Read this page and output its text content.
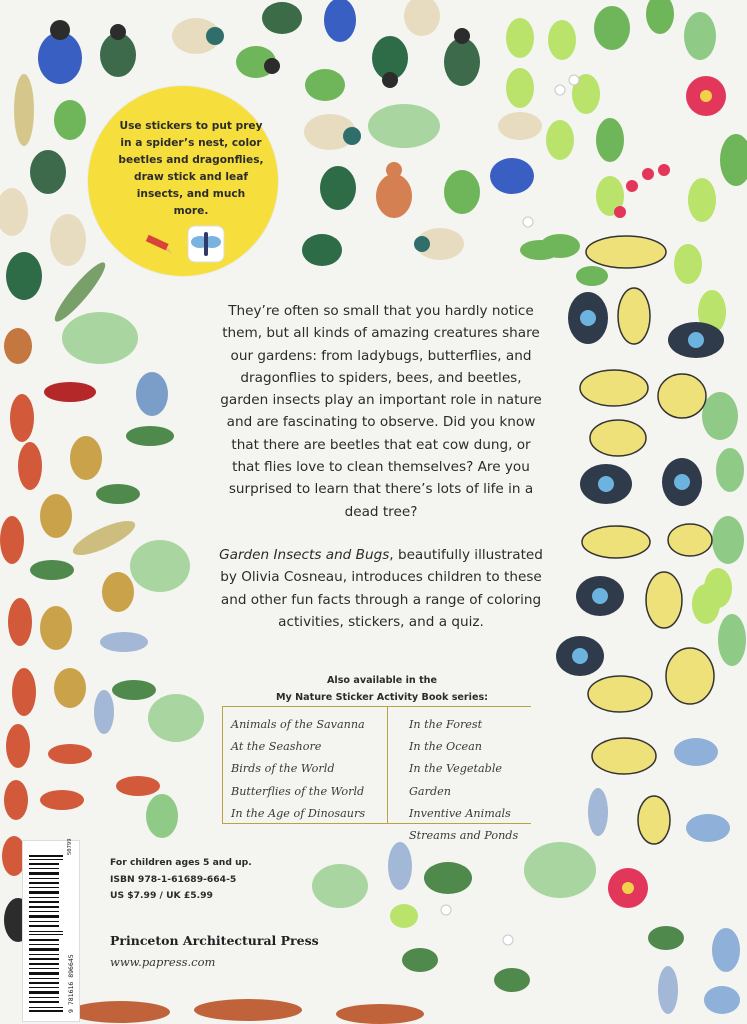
Use stickers to put prey in a spider’s nest, color beetles and dragonflies, draw stick and leaf insects, and much more.

They’re often so small that you hardly notice them, but all kinds of amazing creatures share our gardens: from ladybugs, butterflies, and dragonflies to spiders, bees, and beetles, garden insects play an important role in nature and are fascinating to observe. Did you know that there are beetles that eat cow dung, or that flies love to clean themselves? Are you surprised to learn that there’s lots of life in a dead tree?

Garden Insects and Bugs, beautifully illustrated by Olivia Cosneau, introduces children to these and other fun facts through a range of coloring activities, stickers, and a quiz.

Also available in the
My Nature Sticker Activity Book series:
Animals of the Savanna
At the Seashore
Birds of the World
Butterflies of the World
In the Age of Dinosaurs
In the Forest
In the Ocean
In the Vegetable Garden
Inventive Animals
Streams and Ponds
9 781616 896645
50799
For children ages 5 and up.
ISBN 978-1-61689-664-5
US $7.99 / UK £5.99
Princeton Architectural Press
www.papress.com
